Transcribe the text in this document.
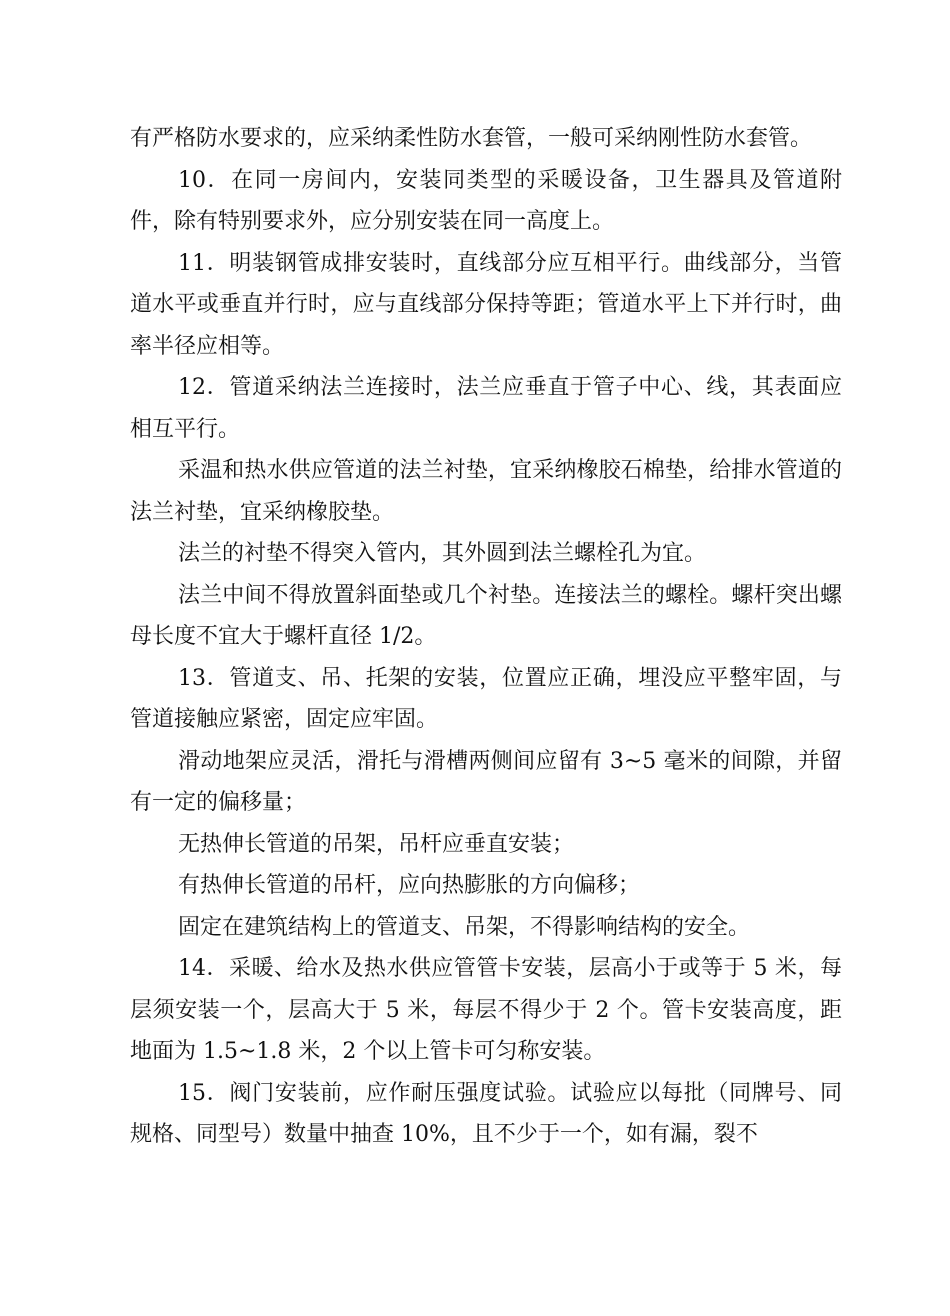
有严格防水要求的，应采纳柔性防水套管，一般可采纳刚性防水套管。

10．在同一房间内，安装同类型的采暖设备，卫生器具及管道附件，除有特别要求外，应分别安装在同一高度上。

11．明装钢管成排安装时，直线部分应互相平行。曲线部分，当管道水平或垂直并行时，应与直线部分保持等距；管道水平上下并行时，曲率半径应相等。

12．管道采纳法兰连接时，法兰应垂直于管子中心、线，其表面应相互平行。

采温和热水供应管道的法兰衬垫，宜采纳橡胶石棉垫，给排水管道的法兰衬垫，宜采纳橡胶垫。

法兰的衬垫不得突入管内，其外圆到法兰螺栓孔为宜。

法兰中间不得放置斜面垫或几个衬垫。连接法兰的螺栓。螺杆突出螺母长度不宜大于螺杆直径 1/2。

13．管道支、吊、托架的安装，位置应正确，埋没应平整牢固，与管道接触应紧密，固定应牢固。

滑动地架应灵活，滑托与滑槽两侧间应留有 3~5 毫米的间隙，并留有一定的偏移量；

无热伸长管道的吊架，吊杆应垂直安装；

有热伸长管道的吊杆，应向热膨胀的方向偏移；

固定在建筑结构上的管道支、吊架，不得影响结构的安全。

14．采暖、给水及热水供应管管卡安装，层高小于或等于 5 米，每层须安装一个，层高大于 5 米，每层不得少于 2 个。管卡安装高度，距地面为 1.5~1.8 米，2 个以上管卡可匀称安装。

15．阀门安装前，应作耐压强度试验。试验应以每批（同牌号、同规格、同型号）数量中抽查 10%，且不少于一个，如有漏，裂不
